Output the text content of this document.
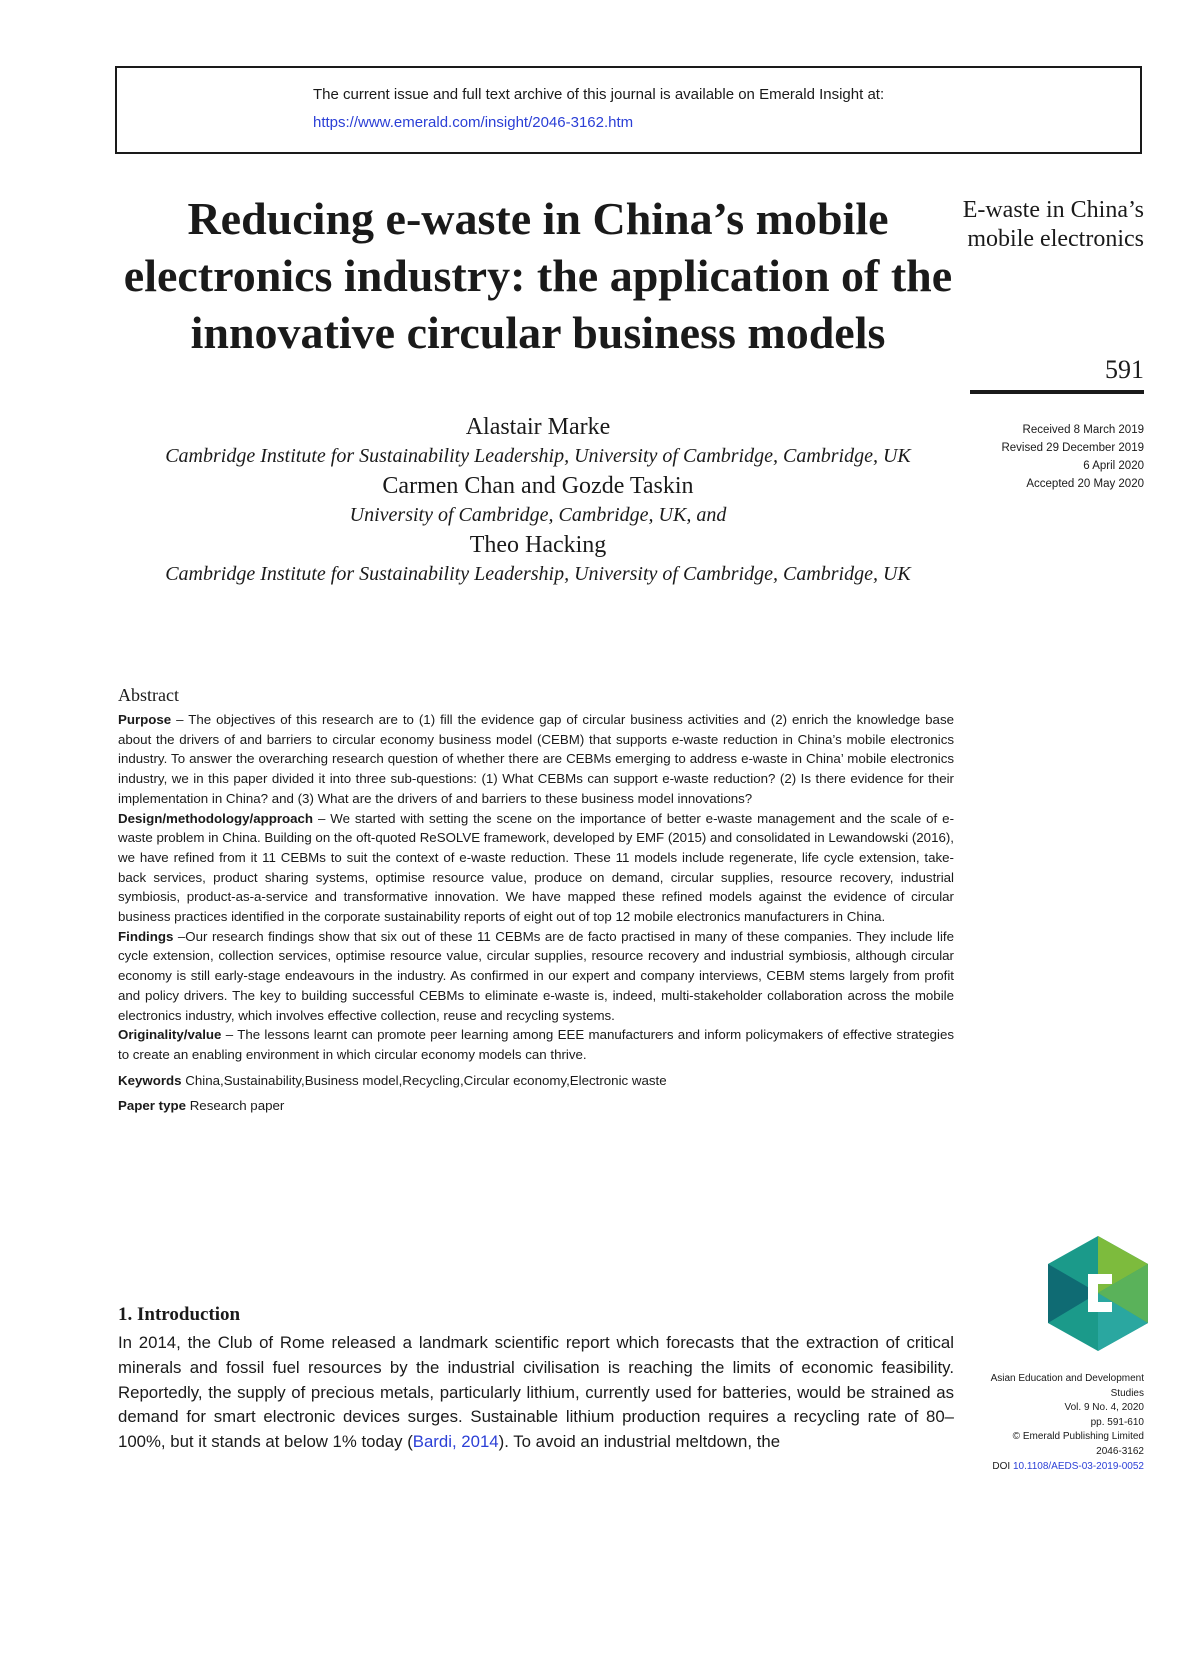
The current issue and full text archive of this journal is available on Emerald Insight at:
https://www.emerald.com/insight/2046-3162.htm
Reducing e-waste in China’s mobile electronics industry: the application of the innovative circular business models
E-waste in China’s mobile electronics
591
Received 8 March 2019
Revised 29 December 2019
6 April 2020
Accepted 20 May 2020
Alastair Marke
Cambridge Institute for Sustainability Leadership, University of Cambridge, Cambridge, UK
Carmen Chan and Gozde Taskin
University of Cambridge, Cambridge, UK, and
Theo Hacking
Cambridge Institute for Sustainability Leadership, University of Cambridge, Cambridge, UK
Abstract

Purpose – The objectives of this research are to (1) fill the evidence gap of circular business activities and (2) enrich the knowledge base about the drivers of and barriers to circular economy business model (CEBM) that supports e-waste reduction in China’s mobile electronics industry. To answer the overarching research question of whether there are CEBMs emerging to address e-waste in China’ mobile electronics industry, we in this paper divided it into three sub-questions: (1) What CEBMs can support e-waste reduction? (2) Is there evidence for their implementation in China? and (3) What are the drivers of and barriers to these business model innovations?

Design/methodology/approach – We started with setting the scene on the importance of better e-waste management and the scale of e-waste problem in China. Building on the oft-quoted ReSOLVE framework, developed by EMF (2015) and consolidated in Lewandowski (2016), we have refined from it 11 CEBMs to suit the context of e-waste reduction. These 11 models include regenerate, life cycle extension, take-back services, product sharing systems, optimise resource value, produce on demand, circular supplies, resource recovery, industrial symbiosis, product-as-a-service and transformative innovation. We have mapped these refined models against the evidence of circular business practices identified in the corporate sustainability reports of eight out of top 12 mobile electronics manufacturers in China.

Findings –Our research findings show that six out of these 11 CEBMs are de facto practised in many of these companies. They include life cycle extension, collection services, optimise resource value, circular supplies, resource recovery and industrial symbiosis, although circular economy is still early-stage endeavours in the industry. As confirmed in our expert and company interviews, CEBM stems largely from profit and policy drivers. The key to building successful CEBMs to eliminate e-waste is, indeed, multi-stakeholder collaboration across the mobile electronics industry, which involves effective collection, reuse and recycling systems.

Originality/value – The lessons learnt can promote peer learning among EEE manufacturers and inform policymakers of effective strategies to create an enabling environment in which circular economy models can thrive.

Keywords China,Sustainability,Business model,Recycling,Circular economy,Electronic waste

Paper type Research paper

1. Introduction

In 2014, the Club of Rome released a landmark scientific report which forecasts that the extraction of critical minerals and fossil fuel resources by the industrial civilisation is reaching the limits of economic feasibility. Reportedly, the supply of precious metals, particularly lithium, currently used for batteries, would be strained as demand for smart electronic devices surges. Sustainable lithium production requires a recycling rate of 80–100%, but it stands at below 1% today (Bardi, 2014). To avoid an industrial meltdown, the

Asian Education and Development Studies
Vol. 9 No. 4, 2020
pp. 591-610
© Emerald Publishing Limited
2046-3162
DOI 10.1108/AEDS-03-2019-0052
